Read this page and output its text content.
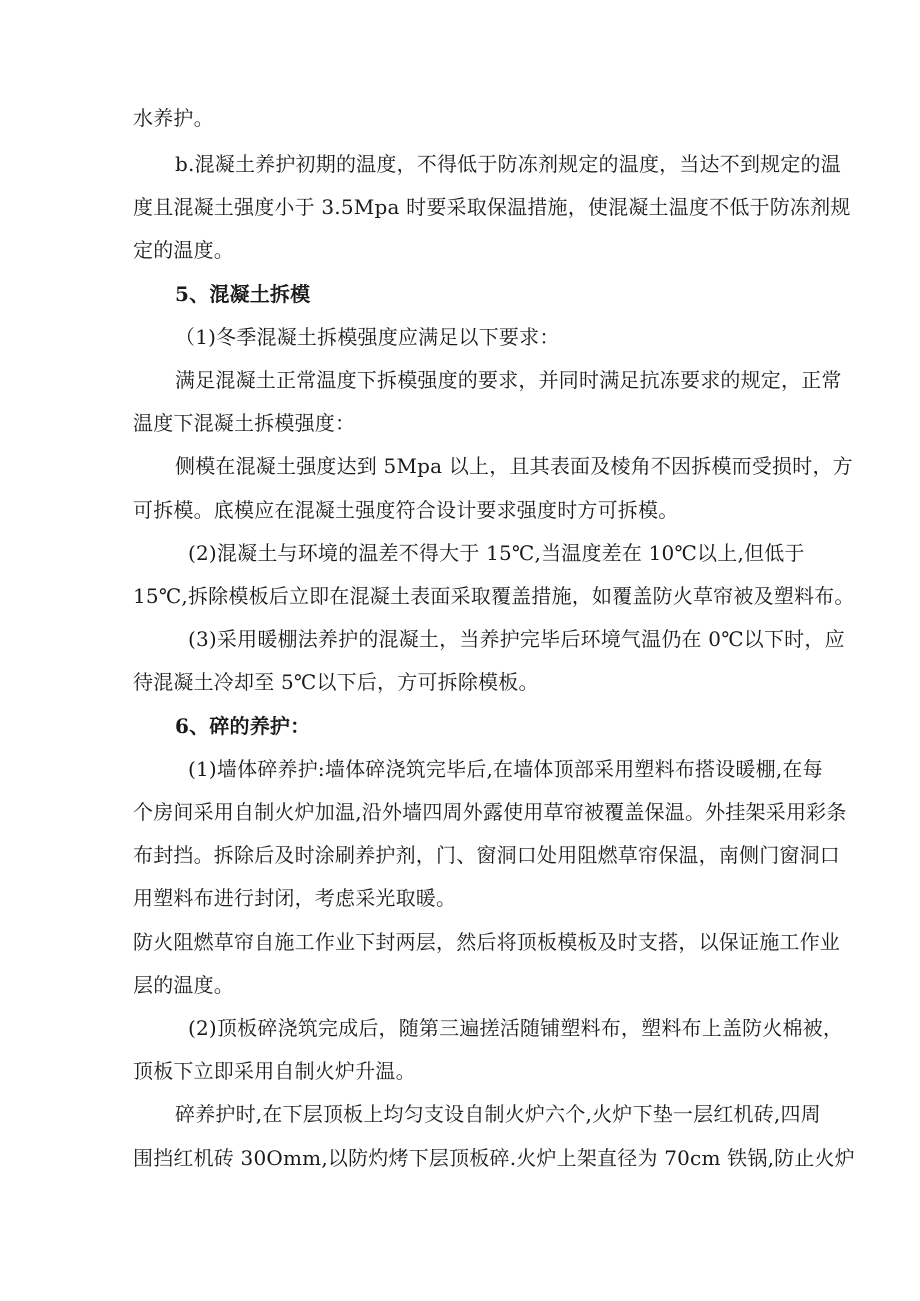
水养护。
b.混凝土养护初期的温度，不得低于防冻剂规定的温度，当达不到规定的温
度且混凝土强度小于 3.5Mpa 时要采取保温措施，使混凝土温度不低于防冻剂规
定的温度。
5、混凝土拆模
（1)冬季混凝土拆模强度应满足以下要求：
满足混凝土正常温度下拆模强度的要求，并同时满足抗冻要求的规定，正常
温度下混凝土拆模强度：
侧模在混凝土强度达到 5Mpa 以上，且其表面及棱角不因拆模而受损时，方
可拆模。底模应在混凝土强度符合设计要求强度时方可拆模。
(2)混凝土与环境的温差不得大于 15℃,当温度差在 10℃以上,但低于
15℃,拆除模板后立即在混凝土表面采取覆盖措施，如覆盖防火草帘被及塑料布。
(3)采用暖棚法养护的混凝土，当养护完毕后环境气温仍在 0℃以下时，应
待混凝土冷却至 5℃以下后，方可拆除模板。
6、碎的养护：
(1)墙体碎养护:墙体碎浇筑完毕后,在墙体顶部采用塑料布搭设暖棚,在每
个房间采用自制火炉加温,沿外墙四周外露使用草帘被覆盖保温。外挂架采用彩条
布封挡。拆除后及时涂刷养护剂，门、窗洞口处用阻燃草帘保温，南侧门窗洞口
用塑料布进行封闭，考虑采光取暖。
防火阻燃草帘自施工作业下封两层，然后将顶板模板及时支搭，以保证施工作业
层的温度。
(2)顶板碎浇筑完成后，随第三遍搓活随铺塑料布，塑料布上盖防火棉被，
顶板下立即采用自制火炉升温。
碎养护时,在下层顶板上均匀支设自制火炉六个,火炉下垫一层红机砖,四周
围挡红机砖 30Omm,以防灼烤下层顶板碎.火炉上架直径为 70cm 铁锅,防止火炉
